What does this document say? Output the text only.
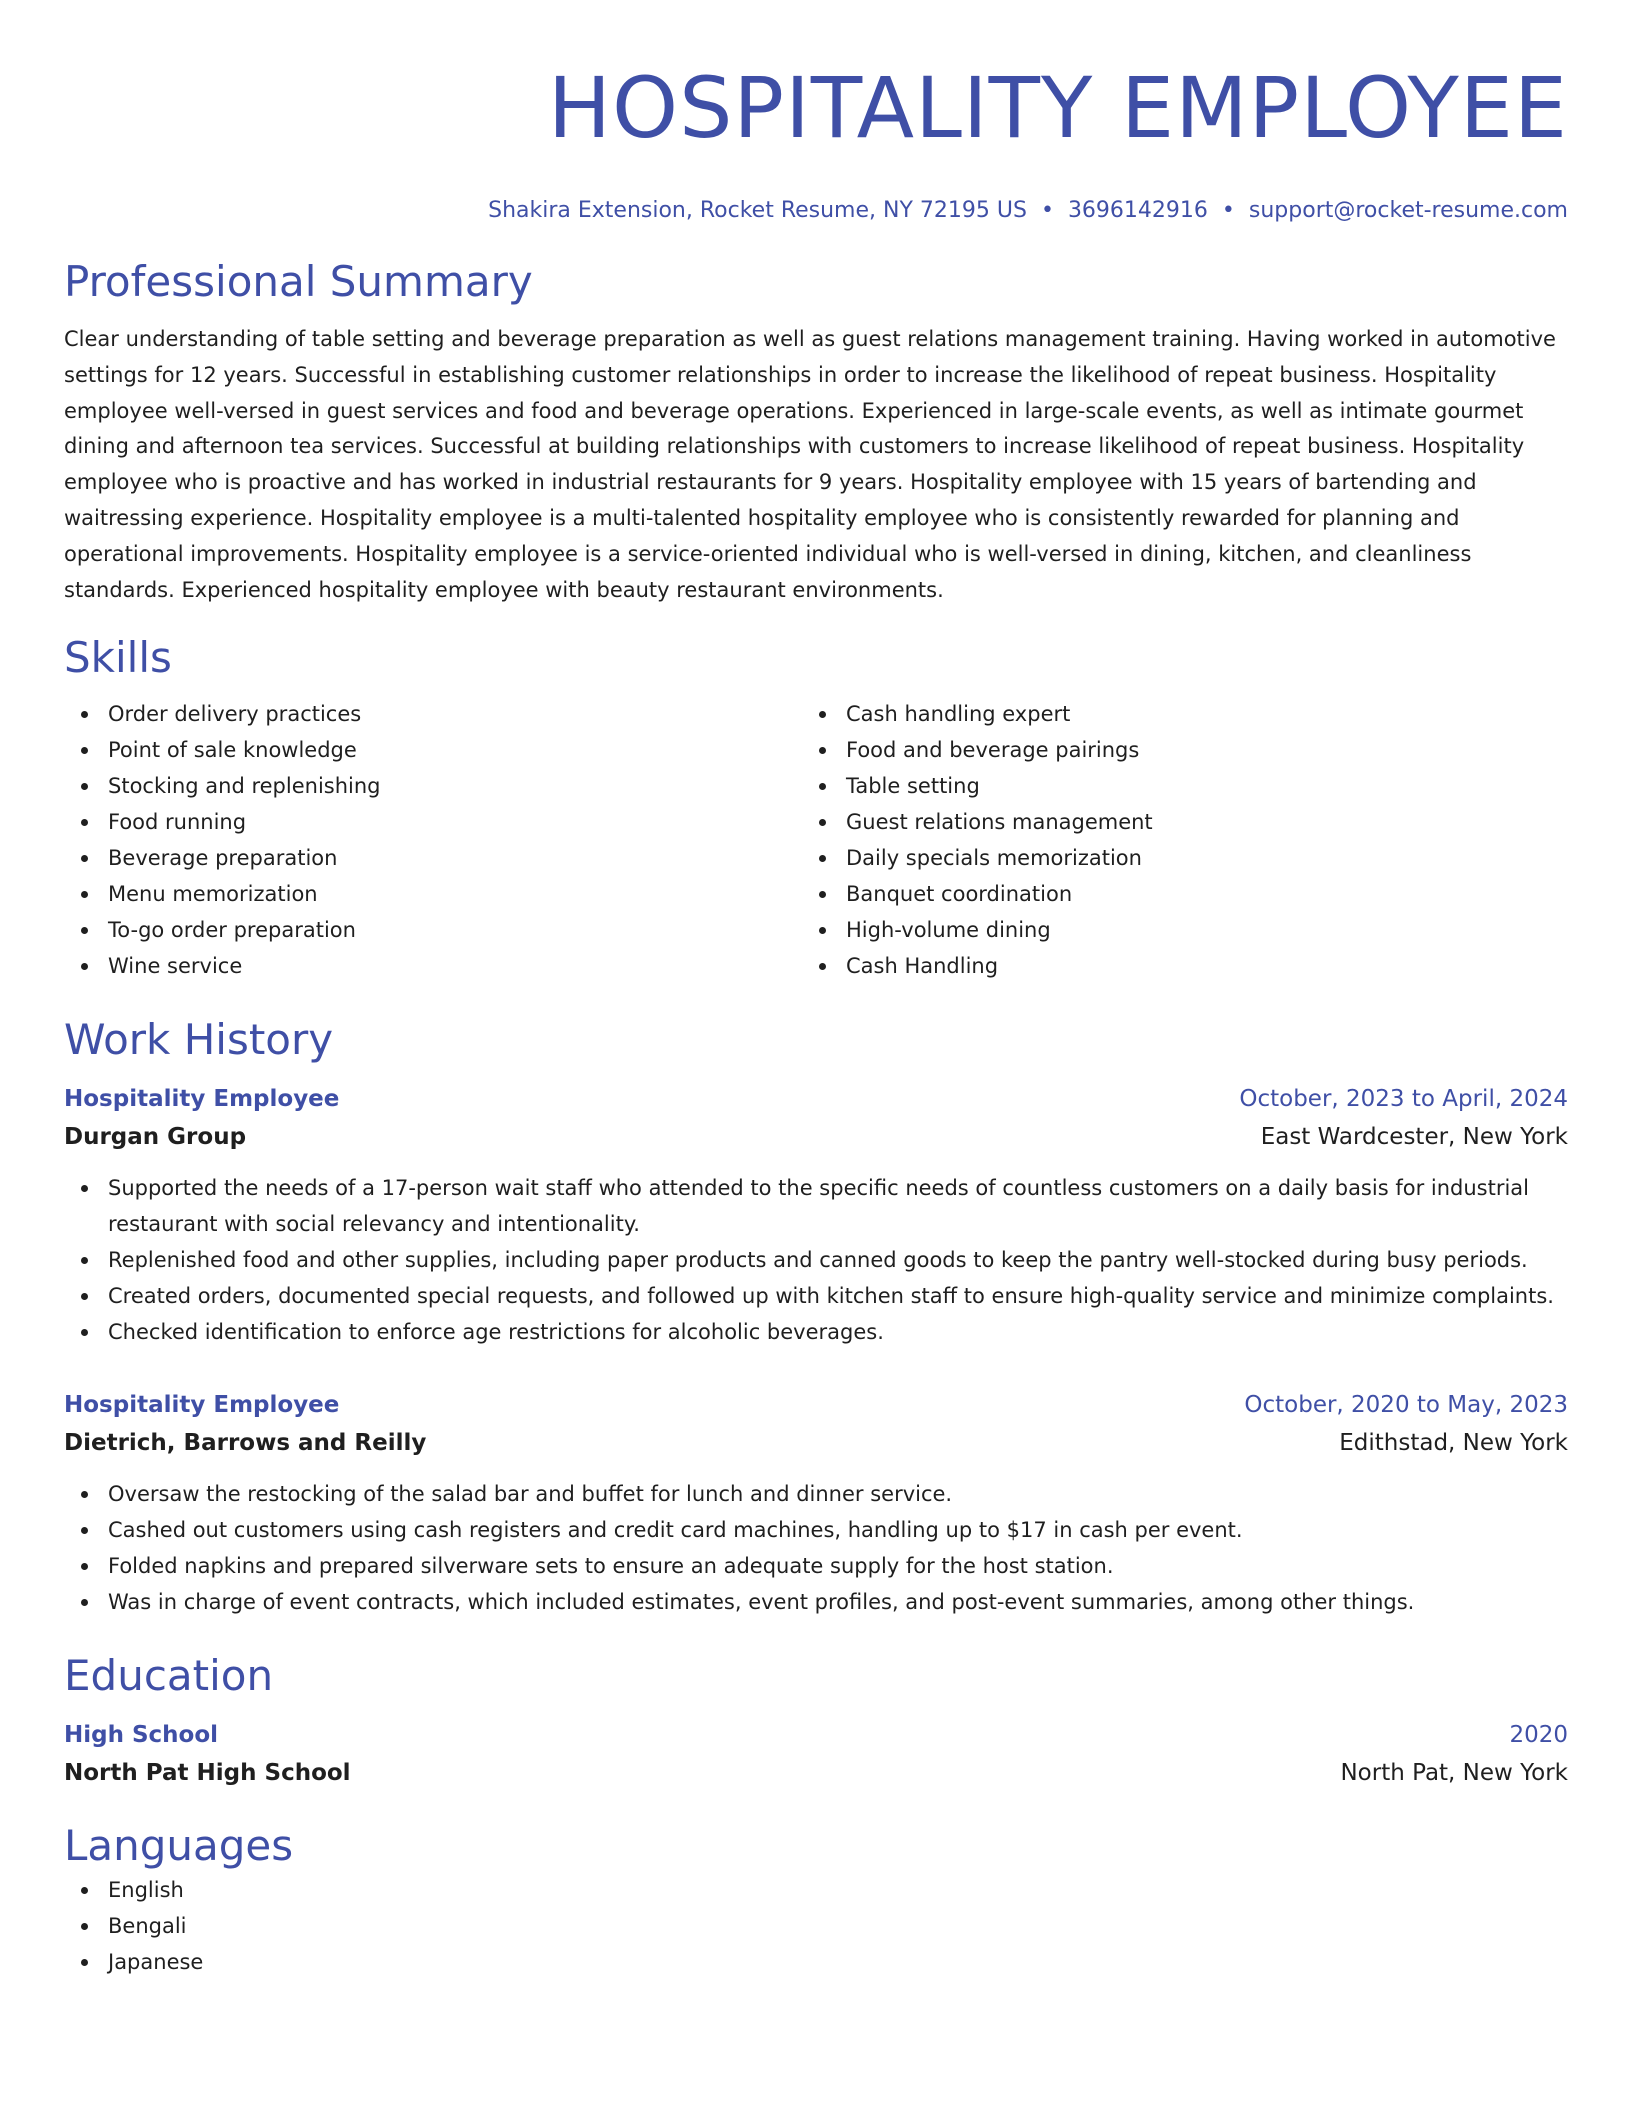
HOSPITALITY EMPLOYEE
Shakira Extension, Rocket Resume, NY 72195 US • 3696142916 • support@rocket-resume.com
Professional Summary

Clear understanding of table setting and beverage preparation as well as guest relations management training. Having worked in automotive settings for 12 years. Successful in establishing customer relationships in order to increase the likelihood of repeat business. Hospitality employee well-versed in guest services and food and beverage operations. Experienced in large-scale events, as well as intimate gourmet dining and afternoon tea services. Successful at building relationships with customers to increase likelihood of repeat business. Hospitality employee who is proactive and has worked in industrial restaurants for 9 years. Hospitality employee with 15 years of bartending and waitressing experience. Hospitality employee is a multi-talented hospitality employee who is consistently rewarded for planning and operational improvements. Hospitality employee is a service-oriented individual who is well-versed in dining, kitchen, and cleanliness standards. Experienced hospitality employee with beauty restaurant environments.

Skills
Order delivery practices
Point of sale knowledge
Stocking and replenishing
Food running
Beverage preparation
Menu memorization
To-go order preparation
Wine service
Cash handling expert
Food and beverage pairings
Table setting
Guest relations management
Daily specials memorization
Banquet coordination
High-volume dining
Cash Handling
Work History
Hospitality Employee	October, 2023 to April, 2024
Durgan Group	East Wardcester, New York
Supported the needs of a 17-person wait staff who attended to the specific needs of countless customers on a daily basis for industrial restaurant with social relevancy and intentionality.
Replenished food and other supplies, including paper products and canned goods to keep the pantry well-stocked during busy periods.
Created orders, documented special requests, and followed up with kitchen staff to ensure high-quality service and minimize complaints.
Checked identification to enforce age restrictions for alcoholic beverages.
Hospitality Employee	October, 2020 to May, 2023
Dietrich, Barrows and Reilly	Edithstad, New York
Oversaw the restocking of the salad bar and buffet for lunch and dinner service.
Cashed out customers using cash registers and credit card machines, handling up to $17 in cash per event.
Folded napkins and prepared silverware sets to ensure an adequate supply for the host station.
Was in charge of event contracts, which included estimates, event profiles, and post-event summaries, among other things.
Education
High School	2020
North Pat High School	North Pat, New York
Languages
English
Bengali
Japanese
